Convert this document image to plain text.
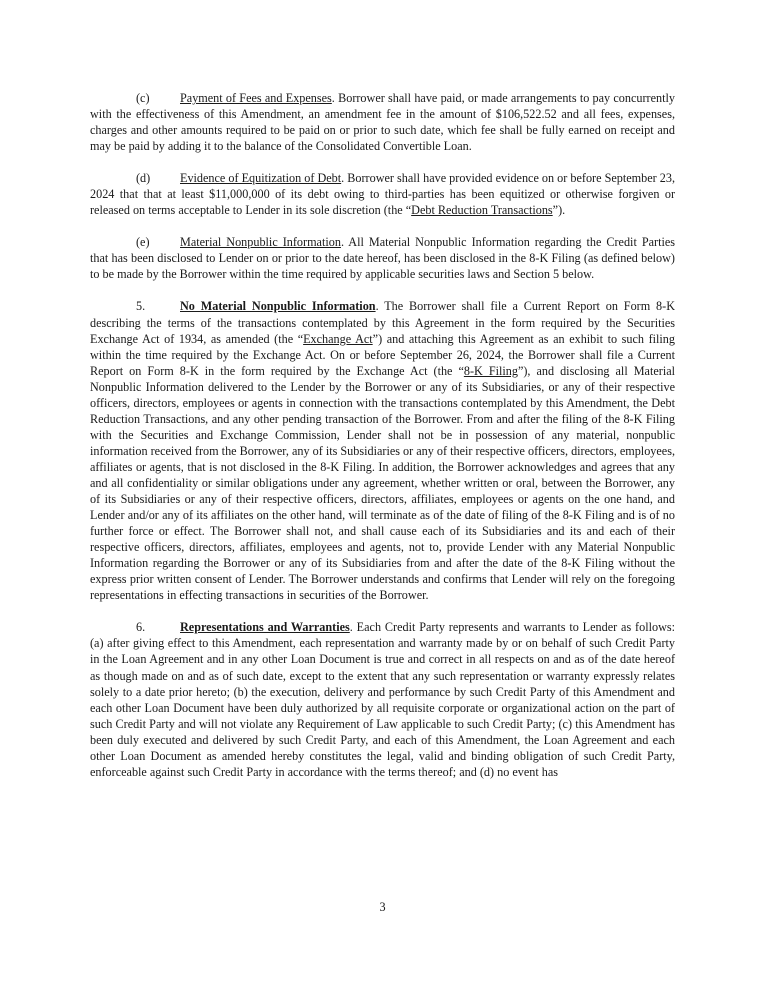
(c) Payment of Fees and Expenses. Borrower shall have paid, or made arrangements to pay concurrently with the effectiveness of this Amendment, an amendment fee in the amount of $106,522.52 and all fees, expenses, charges and other amounts required to be paid on or prior to such date, which fee shall be fully earned on receipt and may be paid by adding it to the balance of the Consolidated Convertible Loan.

(d) Evidence of Equitization of Debt. Borrower shall have provided evidence on or before September 23, 2024 that that at least $11,000,000 of its debt owing to third-parties has been equitized or otherwise forgiven or released on terms acceptable to Lender in its sole discretion (the “Debt Reduction Transactions”).

(e) Material Nonpublic Information. All Material Nonpublic Information regarding the Credit Parties that has been disclosed to Lender on or prior to the date hereof, has been disclosed in the 8-K Filing (as defined below) to be made by the Borrower within the time required by applicable securities laws and Section 5 below.

5.	No Material Nonpublic Information. The Borrower shall file a Current Report on Form 8-K describing the terms of the transactions contemplated by this Agreement in the form required by the Securities Exchange Act of 1934, as amended (the “Exchange Act”) and attaching this Agreement as an exhibit to such filing within the time required by the Exchange Act. On or before September 26, 2024, the Borrower shall file a Current Report on Form 8-K in the form required by the Exchange Act (the “8-K Filing”), and disclosing all Material Nonpublic Information delivered to the Lender by the Borrower or any of its Subsidiaries, or any of their respective officers, directors, employees or agents in connection with the transactions contemplated by this Amendment, the Debt Reduction Transactions, and any other pending transaction of the Borrower. From and after the filing of the 8-K Filing with the Securities and Exchange Commission, Lender shall not be in possession of any material, nonpublic information received from the Borrower, any of its Subsidiaries or any of their respective officers, directors, employees, affiliates or agents, that is not disclosed in the 8-K Filing. In addition, the Borrower acknowledges and agrees that any and all confidentiality or similar obligations under any agreement, whether written or oral, between the Borrower, any of its Subsidiaries or any of their respective officers, directors, affiliates, employees or agents on the one hand, and Lender and/or any of its affiliates on the other hand, will terminate as of the date of filing of the 8-K Filing and is of no further force or effect. The Borrower shall not, and shall cause each of its Subsidiaries and its and each of their respective officers, directors, affiliates, employees and agents, not to, provide Lender with any Material Nonpublic Information regarding the Borrower or any of its Subsidiaries from and after the date of the 8-K Filing without the express prior written consent of Lender. The Borrower understands and confirms that Lender will rely on the foregoing representations in effecting transactions in securities of the Borrower.

6.	Representations and Warranties. Each Credit Party represents and warrants to Lender as follows: (a) after giving effect to this Amendment, each representation and warranty made by or on behalf of such Credit Party in the Loan Agreement and in any other Loan Document is true and correct in all respects on and as of the date hereof as though made on and as of such date, except to the extent that any such representation or warranty expressly relates solely to a date prior hereto; (b) the execution, delivery and performance by such Credit Party of this Amendment and each other Loan Document have been duly authorized by all requisite corporate or organizational action on the part of such Credit Party and will not violate any Requirement of Law applicable to such Credit Party; (c) this Amendment has been duly executed and delivered by such Credit Party, and each of this Amendment, the Loan Agreement and each other Loan Document as amended hereby constitutes the legal, valid and binding obligation of such Credit Party, enforceable against such Credit Party in accordance with the terms thereof; and (d) no event has

3
